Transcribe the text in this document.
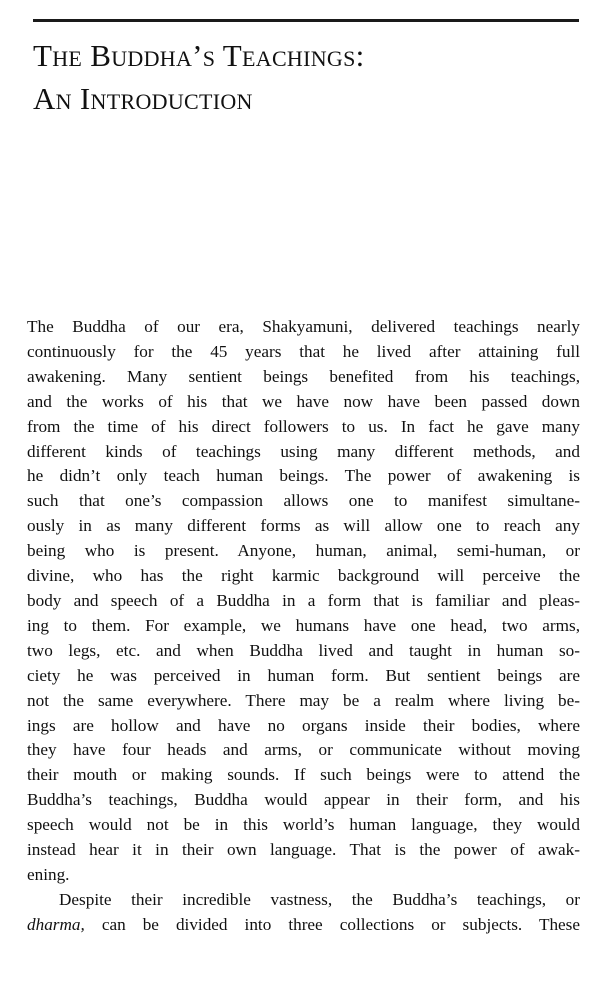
The Buddha’s Teachings:
An Introduction
The Buddha of our era, Shakyamuni, delivered teachings nearly
continuously for the 45 years that he lived after attaining full
awakening. Many sentient beings benefited from his teachings,
and the works of his that we have now have been passed down
from the time of his direct followers to us. In fact he gave many
different kinds of teachings using many different methods, and
he didn’t only teach human beings. The power of awakening is
such that one’s compassion allows one to manifest simultane-
ously in as many different forms as will allow one to reach any
being who is present. Anyone, human, animal, semi-human, or
divine, who has the right karmic background will perceive the
body and speech of a Buddha in a form that is familiar and pleas-
ing to them. For example, we humans have one head, two arms,
two legs, etc. and when Buddha lived and taught in human so-
ciety he was perceived in human form. But sentient beings are
not the same everywhere. There may be a realm where living be-
ings are hollow and have no organs inside their bodies, where
they have four heads and arms, or communicate without moving
their mouth or making sounds. If such beings were to attend the
Buddha’s teachings, Buddha would appear in their form, and his
speech would not be in this world’s human language, they would
instead hear it in their own language. That is the power of awak-
ening.
Despite their incredible vastness, the Buddha’s teachings, or
dharma, can be divided into three collections or subjects. These
